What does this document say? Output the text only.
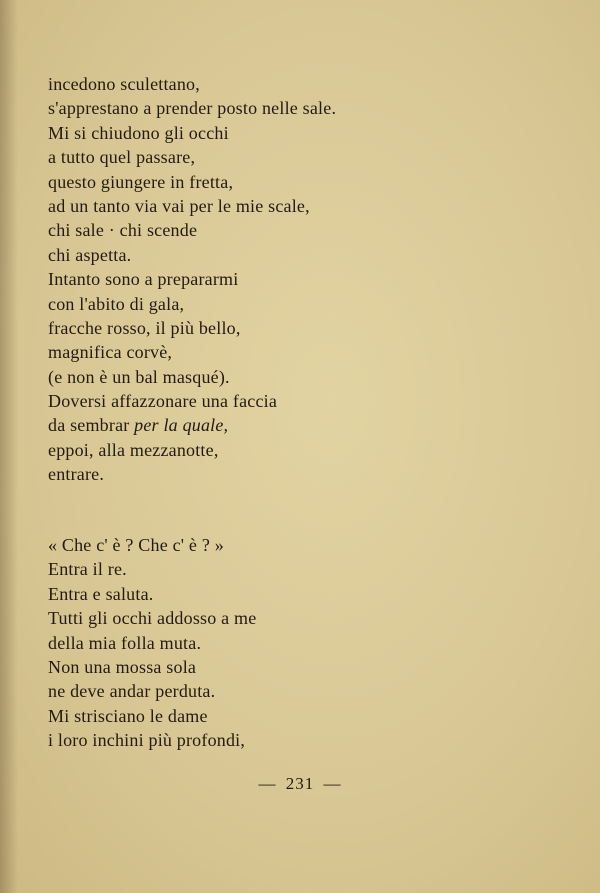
incedono sculettano,
s'apprestano a prender posto nelle sale.
Mi si chiudono gli occhi
a tutto quel passare,
questo giungere in fretta,
ad un tanto via vai per le mie scale,
chi sale · chi scende
chi aspetta.
Intanto sono a prepararmi
con l'abito di gala,
fracche rosso, il più bello,
magnifica corvè,
(e non è un bal masqué).
Doversi affazzonare una faccia
da sembrar per la quale,
eppoi, alla mezzanotte,
entrare.
« Che c' è ? Che c' è ? »
Entra il re.
Entra e saluta.
Tutti gli occhi addosso a me
della mia folla muta.
Non una mossa sola
ne deve andar perduta.
Mi strisciano le dame
i loro inchini più profondi,
— 231 —
